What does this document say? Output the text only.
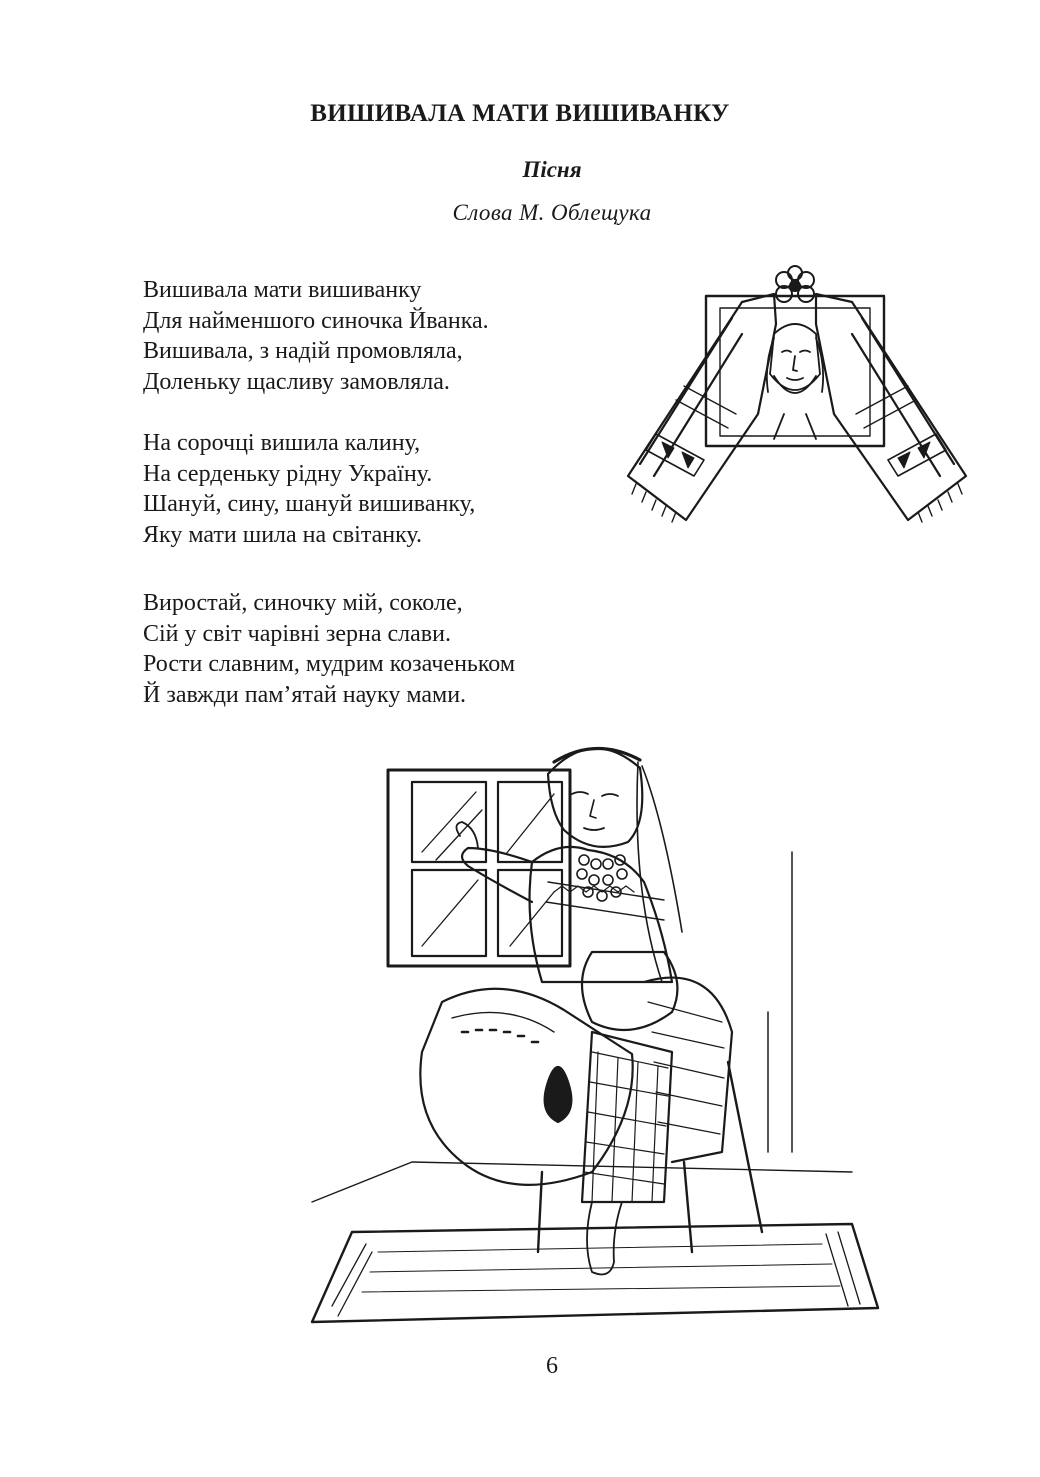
ВИШИВАЛА МАТИ ВИШИВАНКУ
Пісня
Слова М. Облещука
Вишивала мати вишиванку
Для найменшого синочка Йванка.
Вишивала, з надій промовляла,
Доленьку щасливу замовляла.
На сорочці вишила калину,
На серденьку рідну Україну.
Шануй, сину, шануй вишиванку,
Яку мати шила на світанку.
Виростай, синочку мій, соколе,
Сій у світ чарівні зерна слави.
Рости славним, мудрим козаченьком
Й завжди пам’ятай науку мами.
6
